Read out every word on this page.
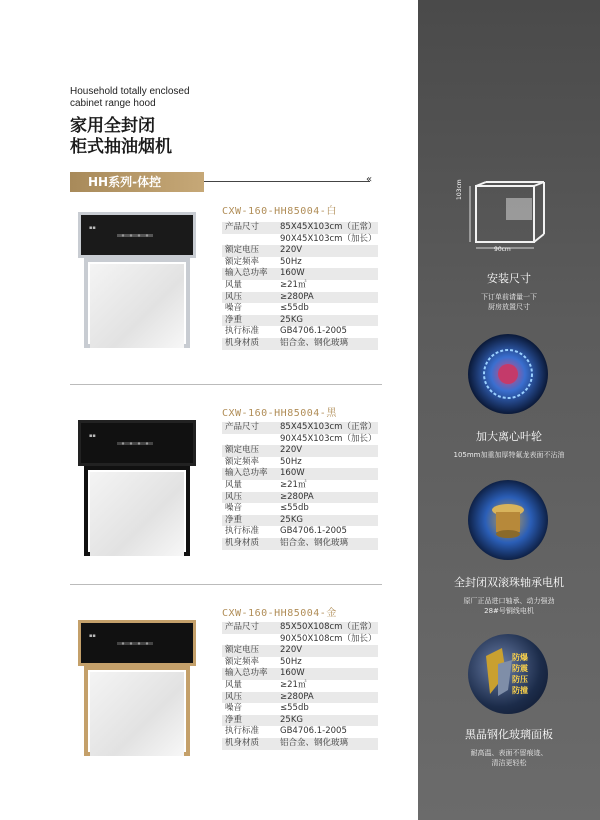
Household totally enclosed
cabinet range hood
家用全封闭
柜式抽油烟机
HH系列-体控	«
▪▪
CXW-160-HH85004-白
产品尺寸	85X45X103cm（正常）
	90X45X103cm（加长）
额定电压	220V
额定频率	50Hz
输入总功率	160W
风量	≥21㎥
风压	≥280PA
噪音	≤55db
净重	25KG
执行标准	GB4706.1-2005
机身材质	铝合金、钢化玻璃
▪▪
CXW-160-HH85004-黑
产品尺寸	85X45X103cm（正常）
	90X45X103cm（加长）
额定电压	220V
额定频率	50Hz
输入总功率	160W
风量	≥21㎥
风压	≥280PA
噪音	≤55db
净重	25KG
执行标准	GB4706.1-2005
机身材质	铝合金、钢化玻璃
▪▪
CXW-160-HH85004-金
产品尺寸	85X50X108cm（正常）
	90X50X108cm（加长）
额定电压	220V
额定频率	50Hz
输入总功率	160W
风量	≥21㎥
风压	≥280PA
噪音	≤55db
净重	25KG
执行标准	GB4706.1-2005
机身材质	铝合金、钢化玻璃
103cm
90cm
安装尺寸
下订单前请量一下
厨房放置尺寸
加大离心叶轮
105mm加重加厚特氟龙表面不沾油
全封闭双滚珠轴承电机
原厂正品进口轴承、动力强劲
28#号铜线电机
防爆
防震
防压
防撞
黑晶钢化玻璃面板
耐高温、表面不留痕迹、
清洁更轻松
